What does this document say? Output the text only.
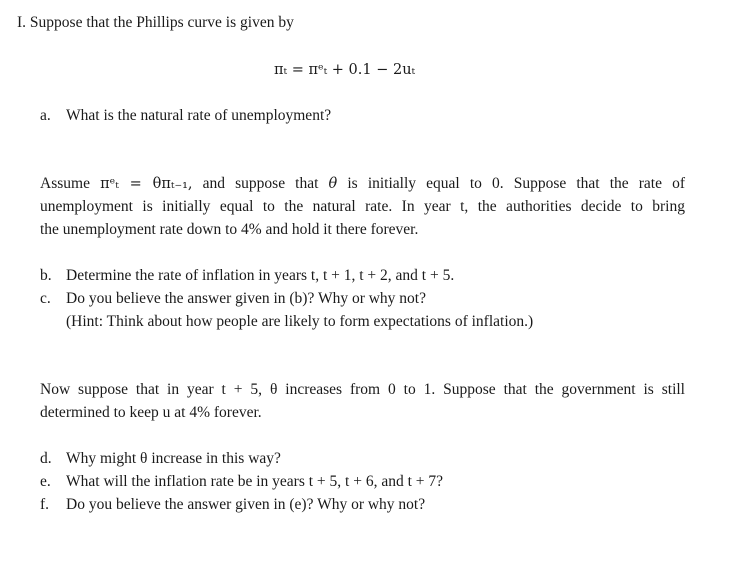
I. Suppose that the Phillips curve is given by
πₜ = πᵉₜ + 0.1 − 2uₜ
a. What is the natural rate of unemployment?
Assume πᵉₜ = θπₜ₋₁, and suppose that θ is initially equal to 0. Suppose that the rate of
unemployment is initially equal to the natural rate. In year t, the authorities decide to bring
the unemployment rate down to 4% and hold it there forever.
b. Determine the rate of inflation in years t, t + 1, t + 2, and t + 5.
c. Do you believe the answer given in (b)? Why or why not?
(Hint: Think about how people are likely to form expectations of inflation.)
Now suppose that in year t + 5, θ increases from 0 to 1. Suppose that the government is still
determined to keep u at 4% forever.
d. Why might θ increase in this way?
e. What will the inflation rate be in years t + 5, t + 6, and t + 7?
f. Do you believe the answer given in (e)? Why or why not?
